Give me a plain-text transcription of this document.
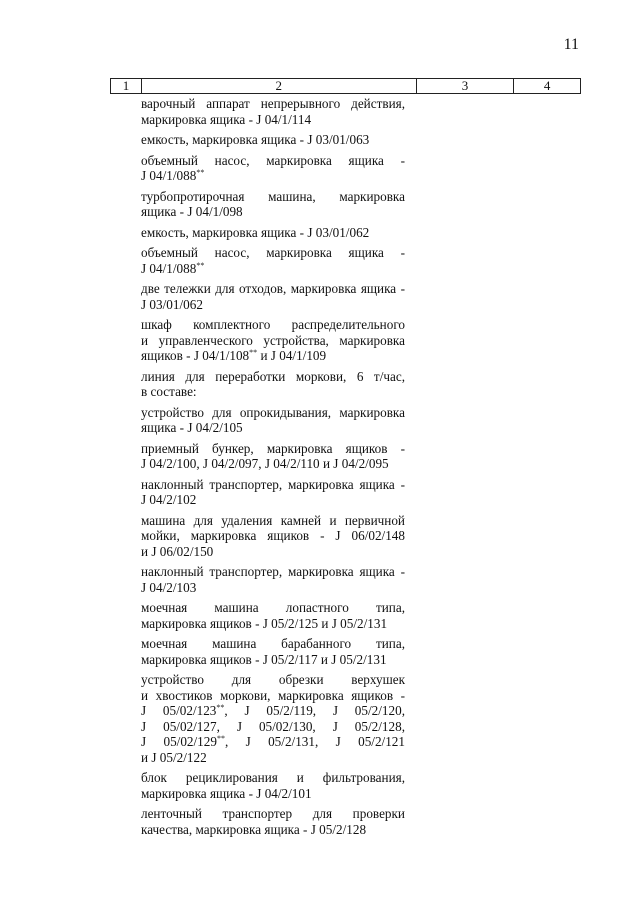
11
1	2	3	4
варочный аппарат непрерывного действия,
маркировка ящика - J 04/1/114
емкость, маркировка ящика - J 03/01/063
объемный насос, маркировка ящика -
J 04/1/088**
турбопротирочная машина, маркировка
ящика - J 04/1/098
емкость, маркировка ящика - J 03/01/062
объемный насос, маркировка ящика -
J 04/1/088**
две тележки для отходов, маркировка ящика -
J 03/01/062
шкаф комплектного распределительного
и управленческого устройства, маркировка
ящиков - J 04/1/108** и J 04/1/109
линия для переработки моркови, 6 т/час,
в составе:
устройство для опрокидывания, маркировка
ящика - J 04/2/105
приемный бункер, маркировка ящиков -
J 04/2/100, J 04/2/097, J 04/2/110 и J 04/2/095
наклонный транспортер, маркировка ящика -
J 04/2/102
машина для удаления камней и первичной
мойки, маркировка ящиков - J 06/02/148
и J 06/02/150
наклонный транспортер, маркировка ящика -
J 04/2/103
моечная машина лопастного типа,
маркировка ящиков - J 05/2/125 и J 05/2/131
моечная машина барабанного типа,
маркировка ящиков - J 05/2/117 и J 05/2/131
устройство для обрезки верхушек
и хвостиков моркови, маркировка ящиков -
J 05/02/123**, J 05/2/119, J 05/2/120,
J 05/02/127, J 05/02/130, J 05/2/128,
J 05/02/129**, J 05/2/131, J 05/2/121
и J 05/2/122
блок рециклирования и фильтрования,
маркировка ящика - J 04/2/101
ленточный транспортер для проверки
качества, маркировка ящика - J 05/2/128
